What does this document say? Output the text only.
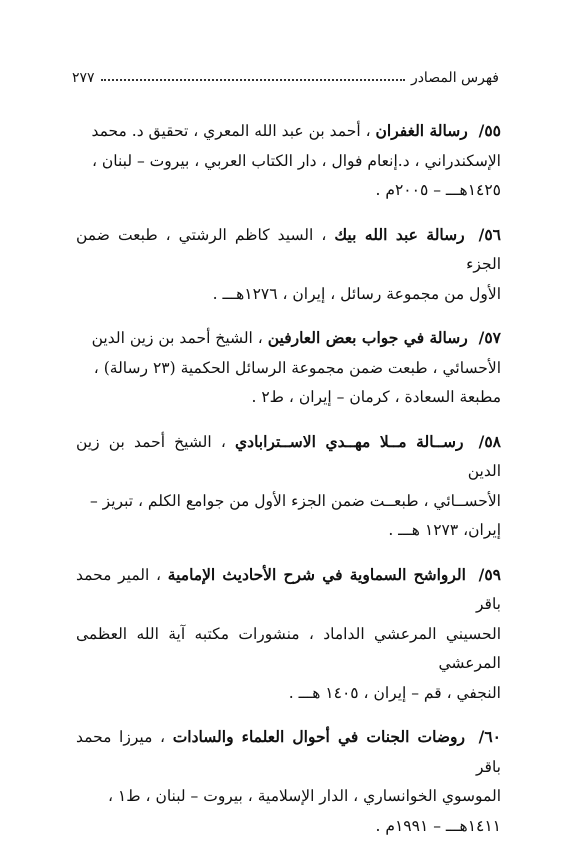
فهرس المصادر
٢٧٧

٥٥/ رسالة الغفران ، أحمد بن عبد الله المعري ، تحقيق د. محمد

الإسكندراني ، د.إنعام فوال ، دار الكتاب العربي ، بيروت – لبنان ،

١٤٢٥هـــ – ٢٠٠٥م .

٥٦/ رسالة عبد الله بيك ، السيد كاظم الرشتي ، طبعت ضمن الجزء

الأول من مجموعة رسائل ، إيران ، ١٢٧٦هـــ .

٥٧/ رسالة في جواب بعض العارفين ، الشيخ أحمد بن زين الدين

الأحسائي ، طبعت ضمن مجموعة الرسائل الحكمية (٢٣ رسالة) ،

مطبعة السعادة ، كرمان – إيران ، ط٢ .

٥٨/ رســالة مــلا مهــدي الاســترابادي ، الشيخ أحمد بن زين الدين

الأحســائي ، طبعــت ضمن الجزء الأول من جوامع الكلم ، تبريز –

إيران، ١٢٧٣ هـــ .

٥٩/ الرواشح السماوية في شرح الأحاديث الإمامية ، المير محمد باقر

الحسيني المرعشي الداماد ، منشورات مكتبه آية الله العظمى المرعشي

النجفي ، قم – إيران ، ١٤٠٥ هـــ .

٦٠/ روضات الجنات في أحوال العلماء والسادات ، ميرزا محمد باقر

الموسوي الخوانساري ، الدار الإسلامية ، بيروت – لبنان ، ط١ ،

١٤١١هـــ – ١٩٩١م .
